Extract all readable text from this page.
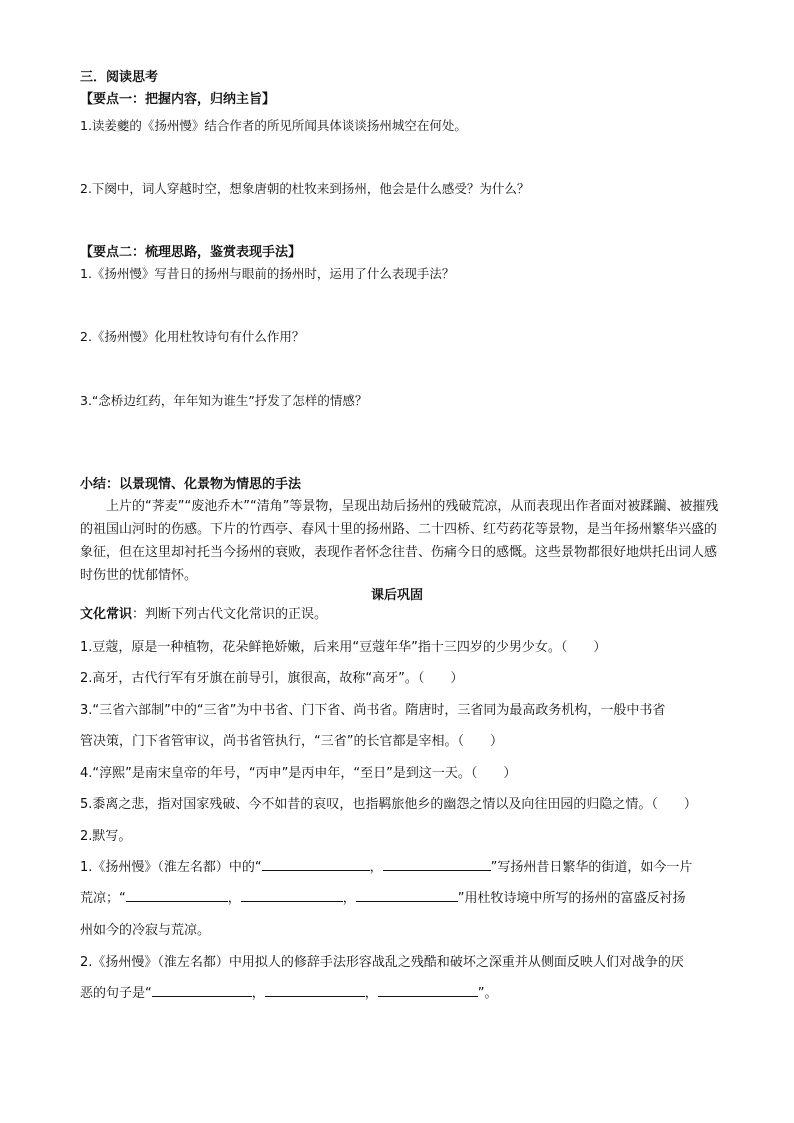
三．阅读思考
【要点一：把握内容，归纳主旨】
1.读姜夔的《扬州慢》结合作者的所见所闻具体谈谈扬州城空在何处。
2.下阕中，词人穿越时空，想象唐朝的杜牧来到扬州，他会是什么感受？为什么？
【要点二：梳理思路，鉴赏表现手法】
1.《扬州慢》写昔日的扬州与眼前的扬州时，运用了什么表现手法？
2.《扬州慢》化用杜牧诗句有什么作用？
3.“念桥边红药，年年知为谁生”抒发了怎样的情感？
小结：以景现情、化景物为情思的手法
上片的“荠麦”“废池乔木”“清角”等景物，呈现出劫后扬州的残破荒凉，从而表现出作者面对被蹂躏、被摧残的祖国山河时的伤感。下片的竹西亭、春风十里的扬州路、二十四桥、红芍药花等景物，是当年扬州繁华兴盛的象征，但在这里却衬托当今扬州的衰败，表现作者怀念往昔、伤痛今日的感慨。这些景物都很好地烘托出词人感时伤世的忧郁情怀。
课后巩固
文化常识：判断下列古代文化常识的正误。
1.豆蔻，原是一种植物，花朵鲜艳娇嫩，后来用“豆蔻年华”指十三四岁的少男少女。（　　）
2.高牙，古代行军有牙旗在前导引，旗很高，故称“高牙”。（　　）
3.“三省六部制”中的“三省”为中书省、门下省、尚书省。隋唐时，三省同为最高政务机构，一般中书省
管决策，门下省管审议，尚书省管执行，“三省”的长官都是宰相。（　　）
4.“淳熙”是南宋皇帝的年号，“丙申”是丙申年，“至日”是到这一天。（　　）
5.黍离之悲，指对国家残破、今不如昔的哀叹，也指羁旅他乡的幽怨之情以及向往田园的归隐之情。（　　）
2.默写。
1.《扬州慢》（淮左名都）中的“	，	”写扬州昔日繁华的街道，如今一片
荒凉；“	，	，	”用杜牧诗境中所写的扬州的富盛反衬扬
州如今的冷寂与荒凉。
2.《扬州慢》（淮左名都）中用拟人的修辞手法形容战乱之残酷和破坏之深重并从侧面反映人们对战争的厌
恶的句子是“	，	，	”。
